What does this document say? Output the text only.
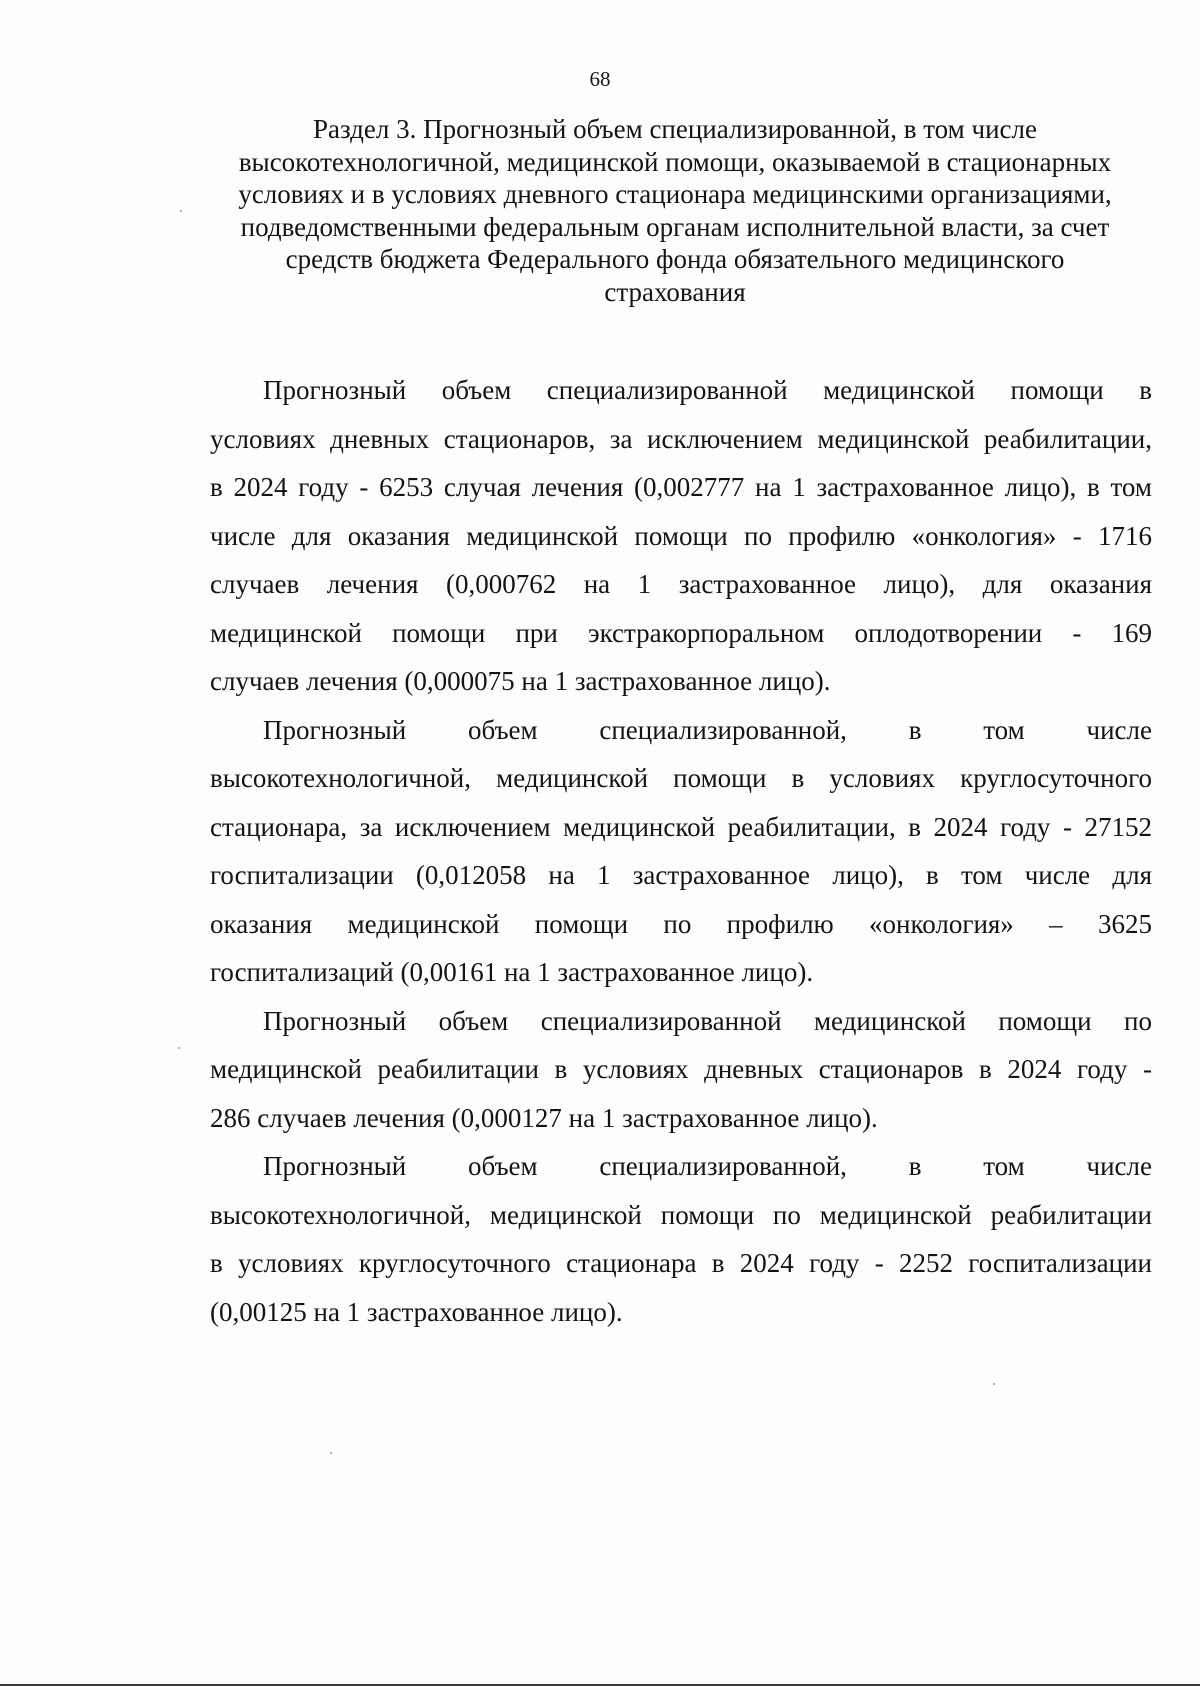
68
Раздел 3. Прогнозный объем специализированной, в том числе
высокотехнологичной, медицинской помощи, оказываемой в стационарных
условиях и в условиях дневного стационара медицинскими организациями,
подведомственными федеральным органам исполнительной власти, за счет
средств бюджета Федерального фонда обязательного медицинского
страхования
Прогнозный объем специализированной медицинской помощи в
условиях дневных стационаров, за исключением медицинской реабилитации,
в 2024 году - 6253 случая лечения (0,002777 на 1 застрахованное лицо), в том
числе для оказания медицинской помощи по профилю «онкология» - 1716
случаев лечения (0,000762 на 1 застрахованное лицо), для оказания
медицинской помощи при экстракорпоральном оплодотворении - 169
случаев лечения (0,000075 на 1 застрахованное лицо).
Прогнозный объем специализированной, в том числе
высокотехнологичной, медицинской помощи в условиях круглосуточного
стационара, за исключением медицинской реабилитации, в 2024 году - 27152
госпитализации (0,012058 на 1 застрахованное лицо), в том числе для
оказания медицинской помощи по профилю «онкология» – 3625
госпитализаций (0,00161 на 1 застрахованное лицо).
Прогнозный объем специализированной медицинской помощи по
медицинской реабилитации в условиях дневных стационаров в 2024 году -
286 случаев лечения (0,000127 на 1 застрахованное лицо).
Прогнозный объем специализированной, в том числе
высокотехнологичной, медицинской помощи по медицинской реабилитации
в условиях круглосуточного стационара в 2024 году - 2252 госпитализации
(0,00125 на 1 застрахованное лицо).
